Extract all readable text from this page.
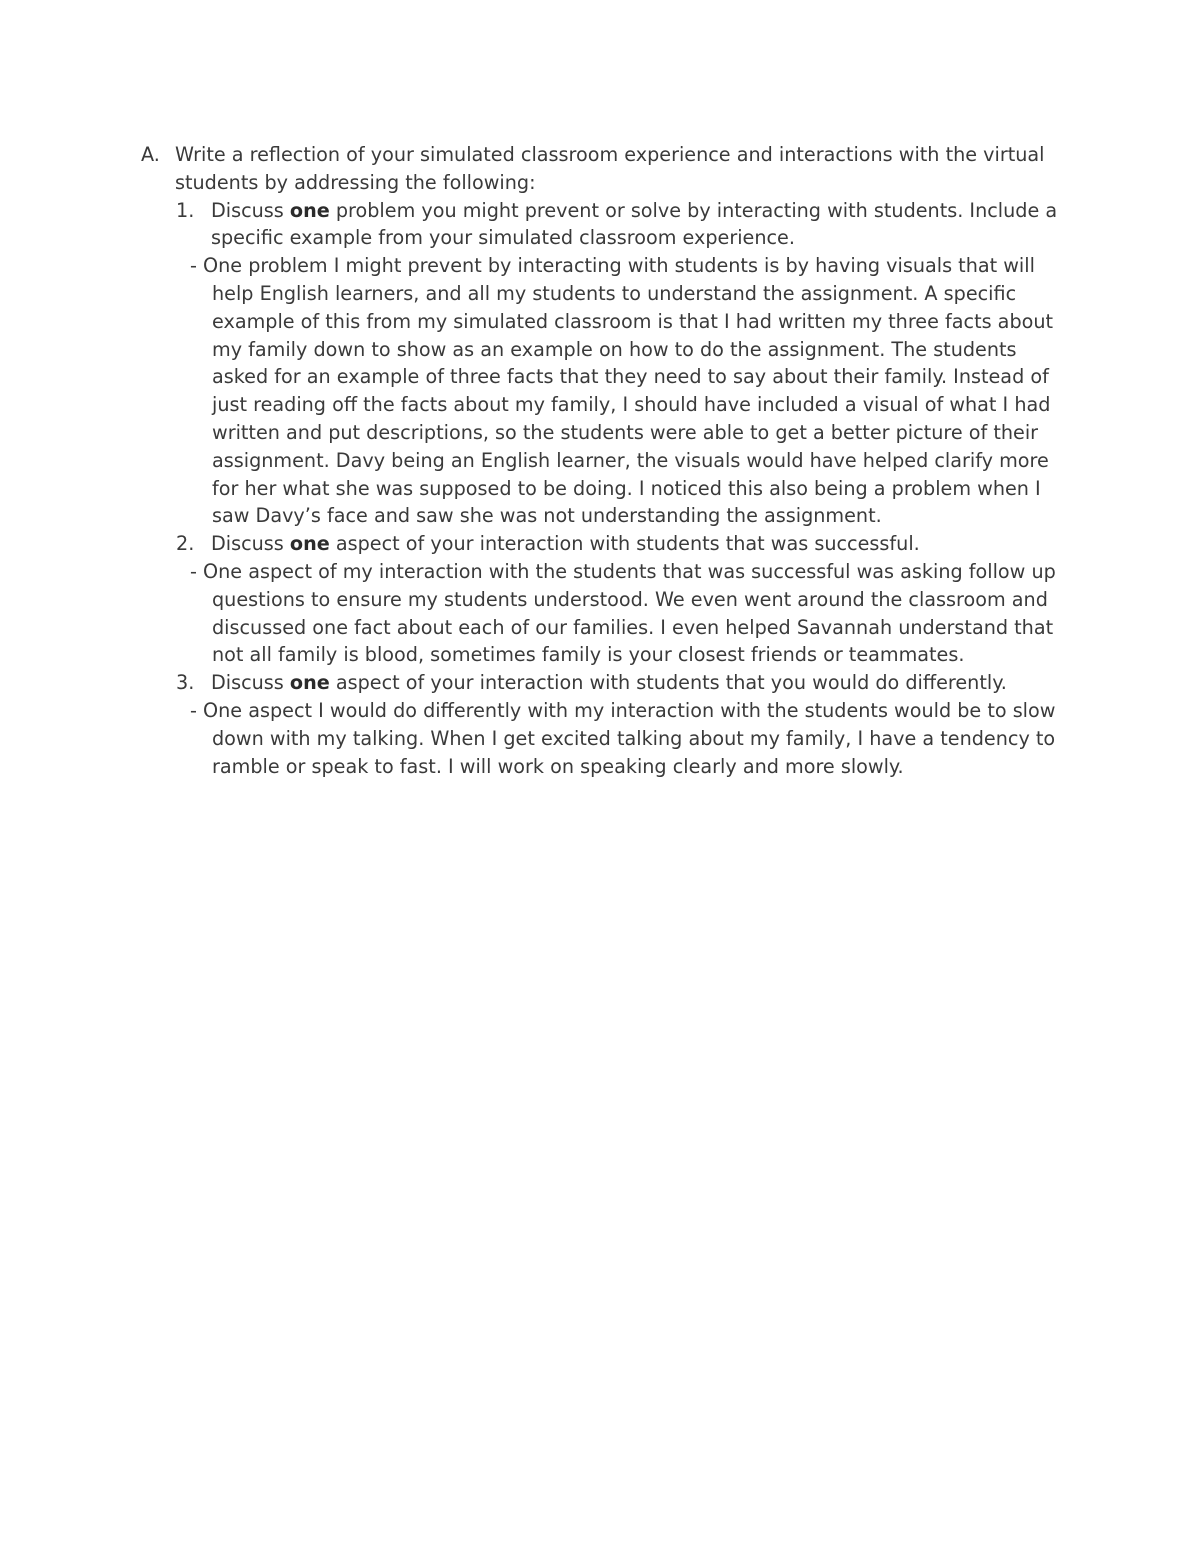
A. Write a reflection of your simulated classroom experience and interactions with the virtual students by addressing the following:
1. Discuss one problem you might prevent or solve by interacting with students. Include a specific example from your simulated classroom experience.
- One problem I might prevent by interacting with students is by having visuals that will help English learners, and all my students to understand the assignment. A specific example of this from my simulated classroom is that I had written my three facts about my family down to show as an example on how to do the assignment. The students asked for an example of three facts that they need to say about their family. Instead of just reading off the facts about my family, I should have included a visual of what I had written and put descriptions, so the students were able to get a better picture of their assignment. Davy being an English learner, the visuals would have helped clarify more for her what she was supposed to be doing. I noticed this also being a problem when I saw Davy’s face and saw she was not understanding the assignment.
2. Discuss one aspect of your interaction with students that was successful.
- One aspect of my interaction with the students that was successful was asking follow up questions to ensure my students understood. We even went around the classroom and discussed one fact about each of our families. I even helped Savannah understand that not all family is blood, sometimes family is your closest friends or teammates.
3. Discuss one aspect of your interaction with students that you would do differently.
- One aspect I would do differently with my interaction with the students would be to slow down with my talking. When I get excited talking about my family, I have a tendency to ramble or speak to fast. I will work on speaking clearly and more slowly.
